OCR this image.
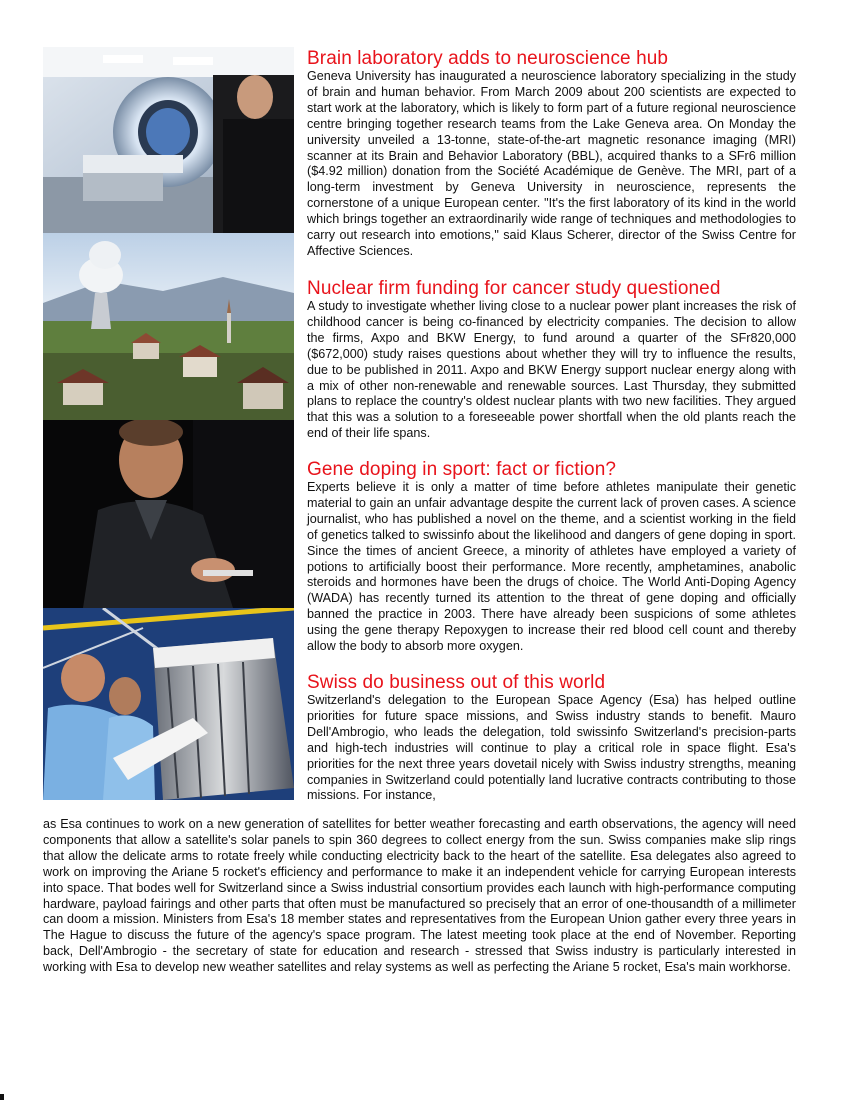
Brain laboratory adds to neuroscience hub

Geneva University has inaugurated a neuroscience laboratory specializing in the study of brain and human behavior. From March 2009 about 200 scientists are expected to start work at the laboratory, which is likely to form part of a future regional neuroscience centre bringing together research teams from the Lake Geneva area. On Monday the university unveiled a 13-tonne, state-of-the-art magnetic resonance imaging (MRI) scanner at its Brain and Behavior Laboratory (BBL), acquired thanks to a SFr6 million ($4.92 million) donation from the Société Académique de Genève. The MRI, part of a long-term investment by Geneva University in neuroscience, represents the cornerstone of a unique European center. "It's the first laboratory of its kind in the world which brings together an extraordinarily wide range of techniques and methodologies to carry out research into emotions," said Klaus Scherer, director of the Swiss Centre for Affective Sciences.

Nuclear firm funding for cancer study questioned

A study to investigate whether living close to a nuclear power plant increases the risk of childhood cancer is being co-financed by electricity companies. The decision to allow the firms, Axpo and BKW Energy, to fund around a quarter of the SFr820,000 ($672,000) study raises questions about whether they will try to influence the results, due to be published in 2011. Axpo and BKW Energy support nuclear energy along with a mix of other non-renewable and renewable sources. Last Thursday, they submitted plans to replace the country's oldest nuclear plants with two new facilities. They argued that this was a solution to a foreseeable power shortfall when the old plants reach the end of their life spans.

Gene doping in sport: fact or fiction?

Experts believe it is only a matter of time before athletes manipulate their genetic material to gain an unfair advantage despite the current lack of proven cases. A science journalist, who has published a novel on the theme, and a scientist working in the field of genetics talked to swissinfo about the likelihood and dangers of gene doping in sport. Since the times of ancient Greece, a minority of athletes have employed a variety of potions to artificially boost their performance. More recently, amphetamines, anabolic steroids and hormones have been the drugs of choice. The World Anti-Doping Agency (WADA) has recently turned its attention to the threat of gene doping and officially banned the practice in 2003. There have already been suspicions of some athletes using the gene therapy Repoxygen to increase their red blood cell count and thereby allow the body to absorb more oxygen.

Swiss do business out of this world

Switzerland's delegation to the European Space Agency (Esa) has helped outline priorities for future space missions, and Swiss industry stands to benefit. Mauro Dell'Ambrogio, who leads the delegation, told swissinfo Switzerland's precision-parts and high-tech industries will continue to play a critical role in space flight. Esa's priorities for the next three years dovetail nicely with Swiss industry strengths, meaning companies in Switzerland could potentially land lucrative contracts contributing to those missions. For instance,

as Esa continues to work on a new generation of satellites for better weather forecasting and earth observations, the agency will need components that allow a satellite's solar panels to spin 360 degrees to collect energy from the sun. Swiss companies make slip rings that allow the delicate arms to rotate freely while conducting electricity back to the heart of the satellite. Esa delegates also agreed to work on improving the Ariane 5 rocket's efficiency and performance to make it an independent vehicle for carrying European interests into space. That bodes well for Switzerland since a Swiss industrial consortium provides each launch with high-performance computing hardware, payload fairings and other parts that often must be manufactured so precisely that an error of one-thousandth of a millimeter can doom a mission. Ministers from Esa's 18 member states and representatives from the European Union gather every three years in The Hague to discuss the future of the agency's space program. The latest meeting took place at the end of November. Reporting back, Dell'Ambrogio - the secretary of state for education and research - stressed that Swiss industry is particularly interested in working with Esa to develop new weather satellites and relay systems as well as perfecting the Ariane 5 rocket, Esa's main workhorse.
